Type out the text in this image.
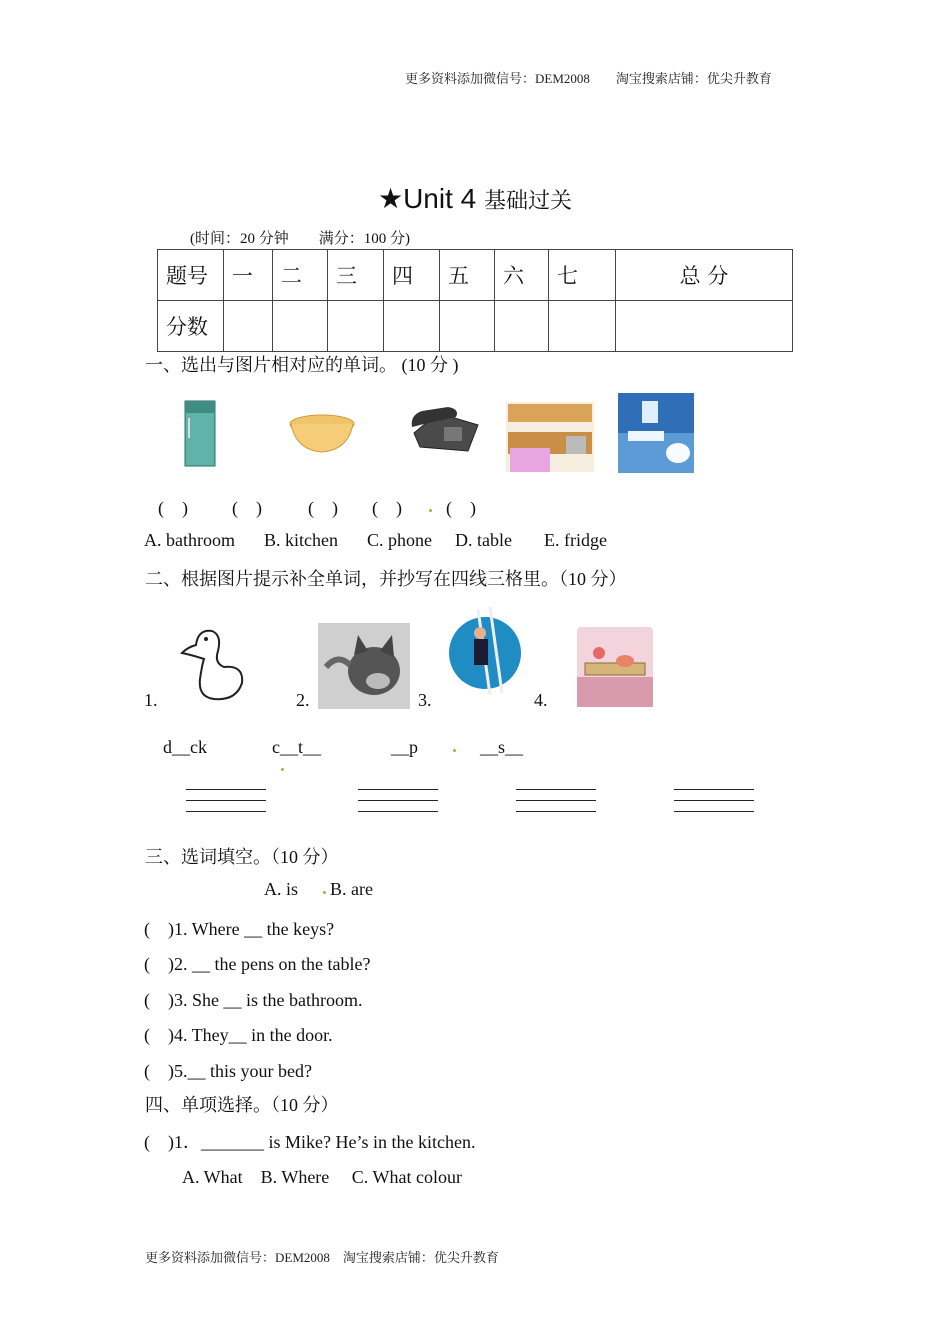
更多资料添加微信号：DEM2008　　淘宝搜索店铺：优尖升教育
★Unit 4 基础过关
(时间：20 分钟　　满分：100 分)
题号	一	二	三	四	五	六	七	总 分
分数								
一、选出与图片相对应的单词。 (10 分 )
(　) (　)	(　) (　) (　)
A. bathroom B. kitchen C. phone D. table E. fridge
二、根据图片提示补全单词，并抄写在四线三格里。（10 分）
1.	2.	3.	4.
d__ck	c__t__	__p	__s__
三、选词填空。（10 分）
A. is B. are
(　)1. Where __ the keys?
(　)2. __ the pens on the table?
(　)3. She __ is the bathroom.
(　)4. They__ in the door.
(　)5.__ this your bed?
四、单项选择。（10 分）
(　)1．_______ is Mike? He’s in the kitchen.
A. What　B. Where　 C. What colour
更多资料添加微信号：DEM2008　淘宝搜索店铺：优尖升教育
